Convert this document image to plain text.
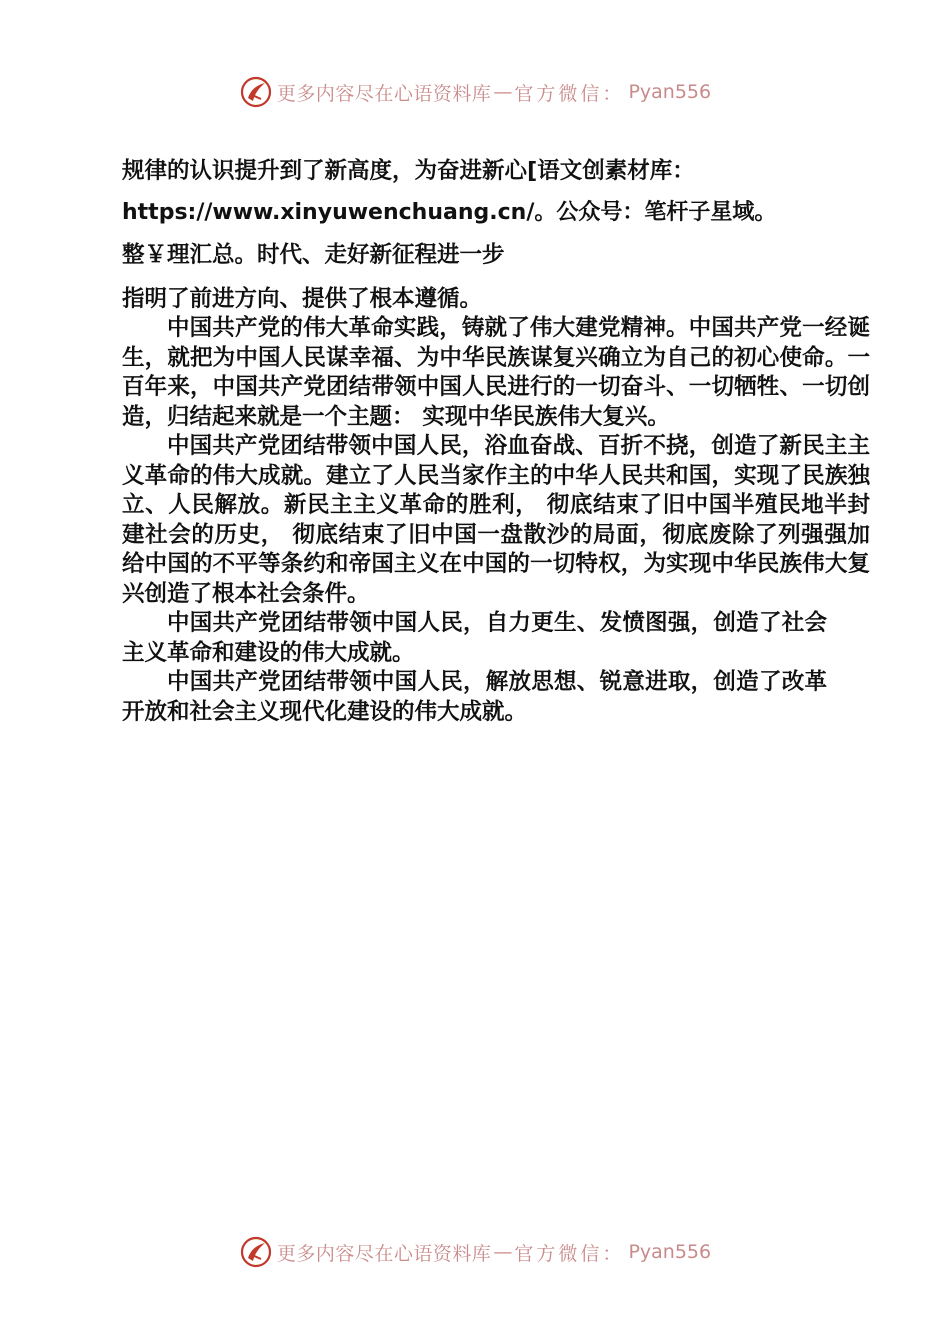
更多内容尽在心语资料库 — 官方微信： Pyan556
规律的认识提升到了新高度，为奋进新心[语文创素材库：
https://www.xinyuwenchuang.cn/。公众号：笔杆子星域。
整￥理汇总。时代、走好新征程进一步
指明了前进方向、提供了根本遵循。

中国共产党的伟大革命实践，铸就了伟大建党精神。中国共产党一经诞生，就把为中国人民谋幸福、为中华民族谋复兴确立为自己的初心使命。一百年来，中国共产党团结带领中国人民进行的一切奋斗、一切牺牲、一切创造，归结起来就是一个主题： 实现中华民族伟大复兴。

中国共产党团结带领中国人民，浴血奋战、百折不挠，创造了新民主主义革命的伟大成就。建立了人民当家作主的中华人民共和国，实现了民族独立、人民解放。新民主主义革命的胜利， 彻底结束了旧中国半殖民地半封建社会的历史， 彻底结束了旧中国一盘散沙的局面，彻底废除了列强强加给中国的不平等条约和帝国主义在中国的一切特权，为实现中华民族伟大复兴创造了根本社会条件。

中国共产党团结带领中国人民，自力更生、发愤图强，创造了社会主义革命和建设的伟大成就。

中国共产党团结带领中国人民，解放思想、锐意进取，创造了改革开放和社会主义现代化建设的伟大成就。

更多内容尽在心语资料库 — 官方微信： Pyan556
